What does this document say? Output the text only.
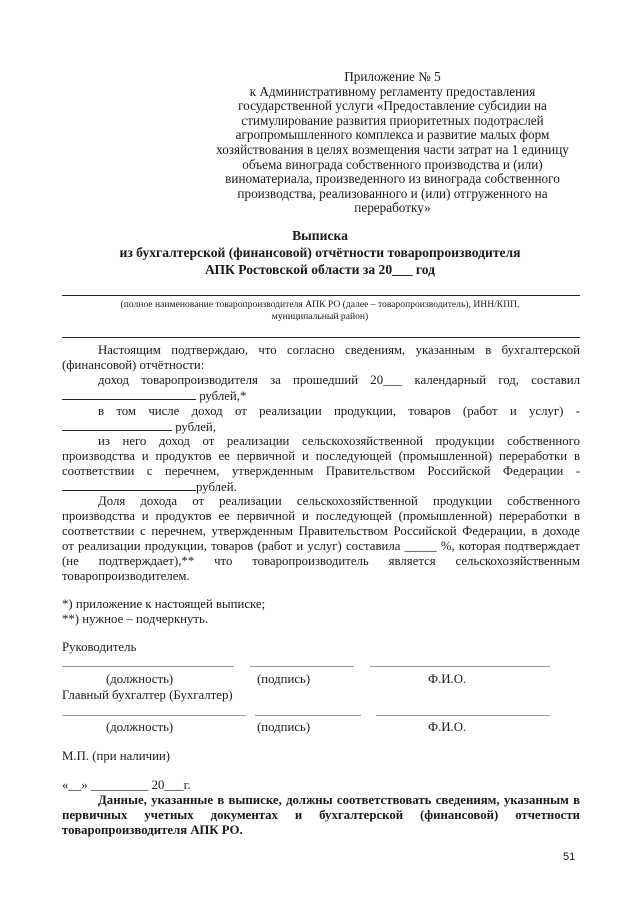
Приложение № 5
к Административному регламенту предоставления
государственной услуги «Предоставление субсидии на
стимулирование развития приоритетных подотраслей
агропромышленного комплекса и развитие малых форм
хозяйствования в целях возмещения части затрат на 1 единицу
объема винограда собственного производства и (или)
виноматериала, произведенного из винограда собственного
производства, реализованного и (или) отгруженного на
переработку»
Выписка
из бухгалтерской (финансовой) отчётности товаропроизводителя
АПК Ростовской области за 20___ год
(полное наименование товаропроизводителя АПК РО (далее – товаропроизводитель), ИНН/КПП,
муниципальный район)
Настоящим подтверждаю, что согласно сведениям, указанным в бухгалтерской
(финансовой) отчётности:
доход товаропроизводителя за прошедший 20___ календарный год, составил
рублей,*
в том числе доход от реализации продукции, товаров (работ и услуг) -
рублей,
из него доход от реализации сельскохозяйственной продукции собственного
производства и продуктов ее первичной и последующей (промышленной) переработки в
соответствии с перечнем, утвержденным Правительством Российской Федерации -
рублей.
Доля дохода от реализации сельскохозяйственной продукции собственного
производства и продуктов ее первичной и последующей (промышленной) переработки в
соответствии с перечнем, утвержденным Правительством Российской Федерации, в доходе
от реализации продукции, товаров (работ и услуг) составила _____ %, которая подтверждает
(не подтверждает),** что товаропроизводитель является сельскохозяйственным
товаропроизводителем.
*) приложение к настоящей выписке;
**) нужное – подчеркнуть.
Руководитель
(должность)	(подпись)	Ф.И.О.
Главный бухгалтер (Бухгалтер)
(должность)	(подпись)	Ф.И.О.
М.П. (при наличии)
«__» _________ 20___г.
Данные, указанные в выписке, должны соответствовать сведениям, указанным в
первичных учетных документах и бухгалтерской (финансовой) отчетности
товаропроизводителя АПК РО.
51
